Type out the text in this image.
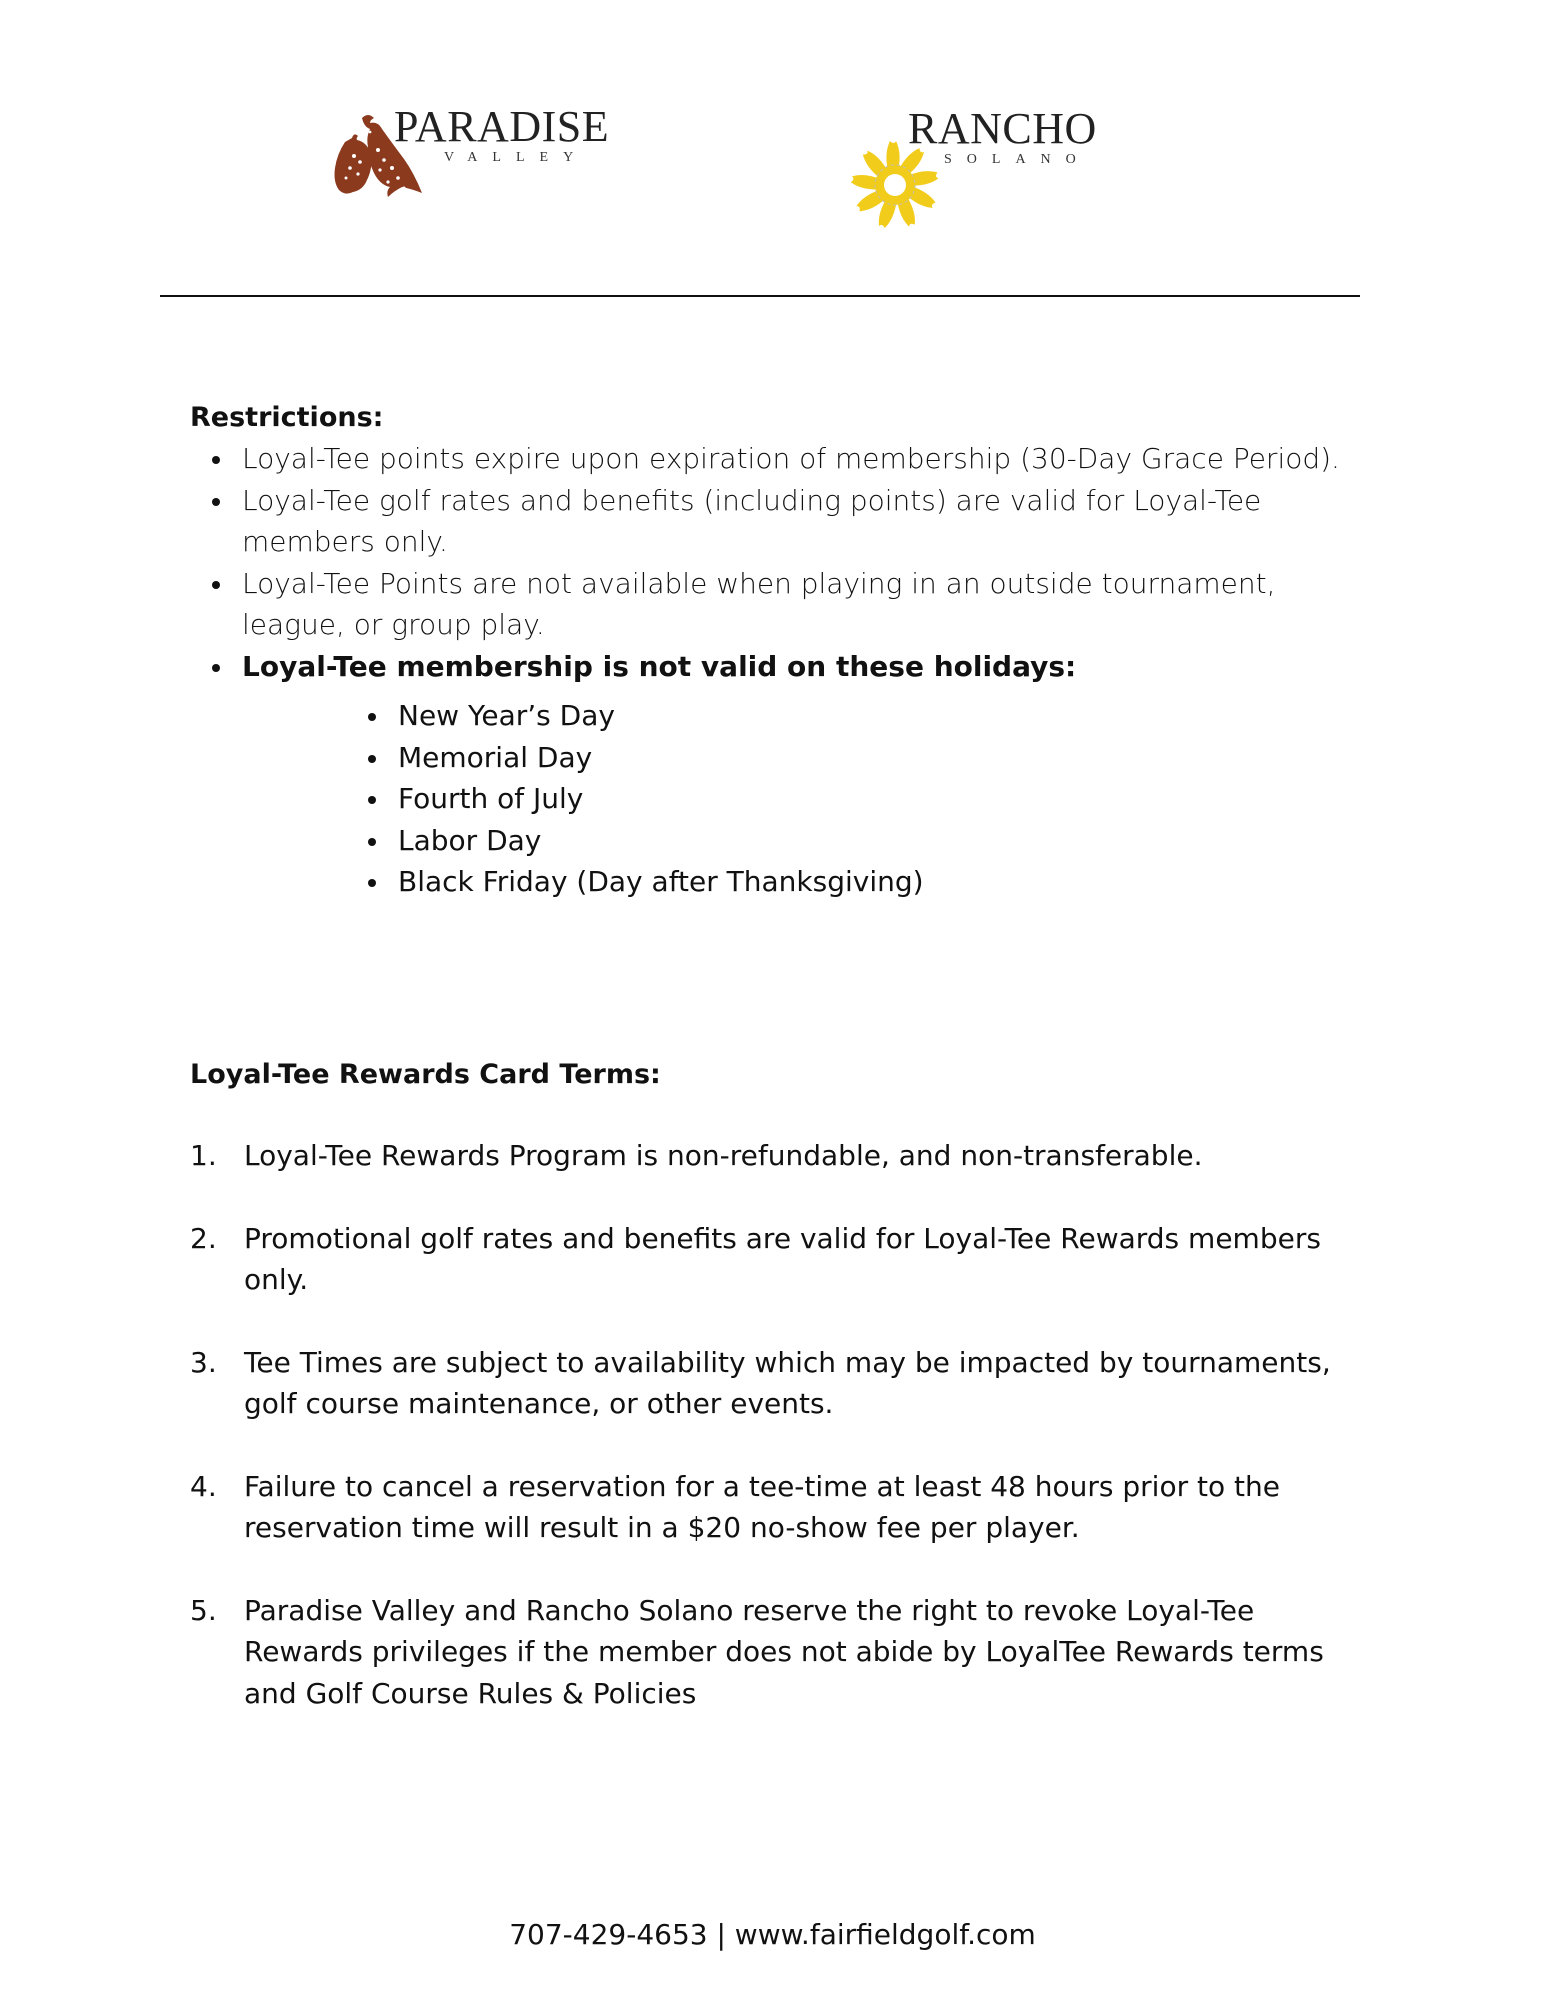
PARADISE
VALLEY
RANCHO
SOLANO
Restrictions:
Loyal-Tee points expire upon expiration of membership (30-Day Grace Period).
Loyal-Tee golf rates and benefits (including points) are valid for Loyal-Tee members only.
Loyal-Tee Points are not available when playing in an outside tournament, league, or group play.
Loyal-Tee membership is not valid on these holidays:
New Year’s Day
Memorial Day
Fourth of July
Labor Day
Black Friday (Day after Thanksgiving)
Loyal-Tee Rewards Card Terms:
1. Loyal-Tee Rewards Program is non-refundable, and non-transferable.
2. Promotional golf rates and benefits are valid for Loyal-Tee Rewards members only.
3. Tee Times are subject to availability which may be impacted by tournaments, golf course maintenance, or other events.
4. Failure to cancel a reservation for a tee-time at least 48 hours prior to the reservation time will result in a $20 no-show fee per player.
5. Paradise Valley and Rancho Solano reserve the right to revoke Loyal-Tee Rewards privileges if the member does not abide by LoyalTee Rewards terms and Golf Course Rules & Policies
707-429-4653 | www.fairfieldgolf.com
